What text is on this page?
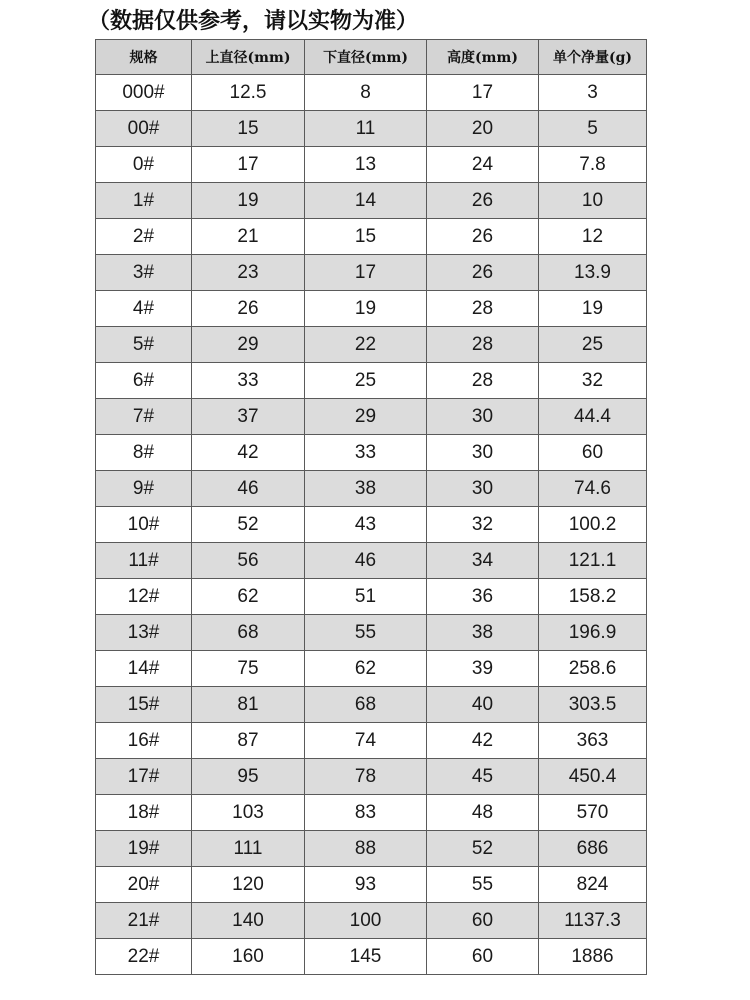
（数据仅供参考，请以实物为准）
规格	上直径(mm)	下直径(mm)	高度(mm)	单个净量(g)
000#	12.5	8	17	3
00#	15	11	20	5
0#	17	13	24	7.8
1#	19	14	26	10
2#	21	15	26	12
3#	23	17	26	13.9
4#	26	19	28	19
5#	29	22	28	25
6#	33	25	28	32
7#	37	29	30	44.4
8#	42	33	30	60
9#	46	38	30	74.6
10#	52	43	32	100.2
11#	56	46	34	121.1
12#	62	51	36	158.2
13#	68	55	38	196.9
14#	75	62	39	258.6
15#	81	68	40	303.5
16#	87	74	42	363
17#	95	78	45	450.4
18#	103	83	48	570
19#	111	88	52	686
20#	120	93	55	824
21#	140	100	60	1137.3
22#	160	145	60	1886
